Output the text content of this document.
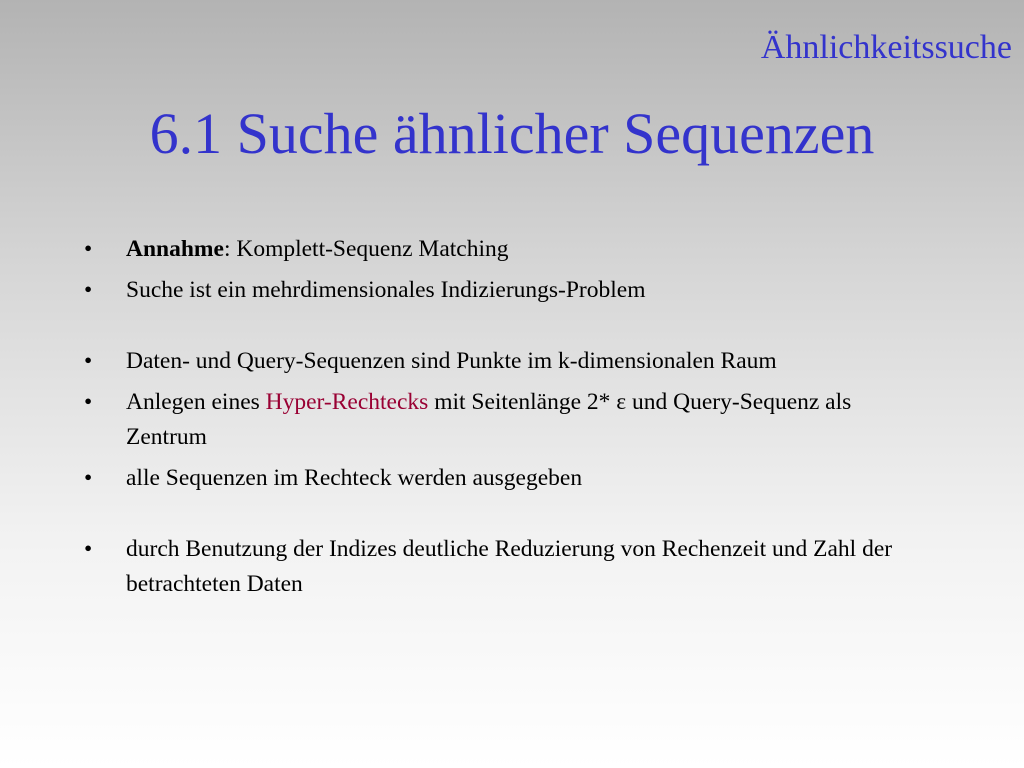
Ähnlichkeitssuche
6.1 Suche ähnlicher Sequenzen
• Annahme: Komplett-Sequenz Matching
• Suche ist ein mehrdimensionales Indizierungs-Problem
• Daten- und Query-Sequenzen sind Punkte im k-dimensionalen Raum
• Anlegen eines Hyper-Rechtecks mit Seitenlänge 2* ε und Query-Sequenz als Zentrum
• alle Sequenzen im Rechteck werden ausgegeben
• durch Benutzung der Indizes deutliche Reduzierung von Rechenzeit und Zahl der betrachteten Daten
